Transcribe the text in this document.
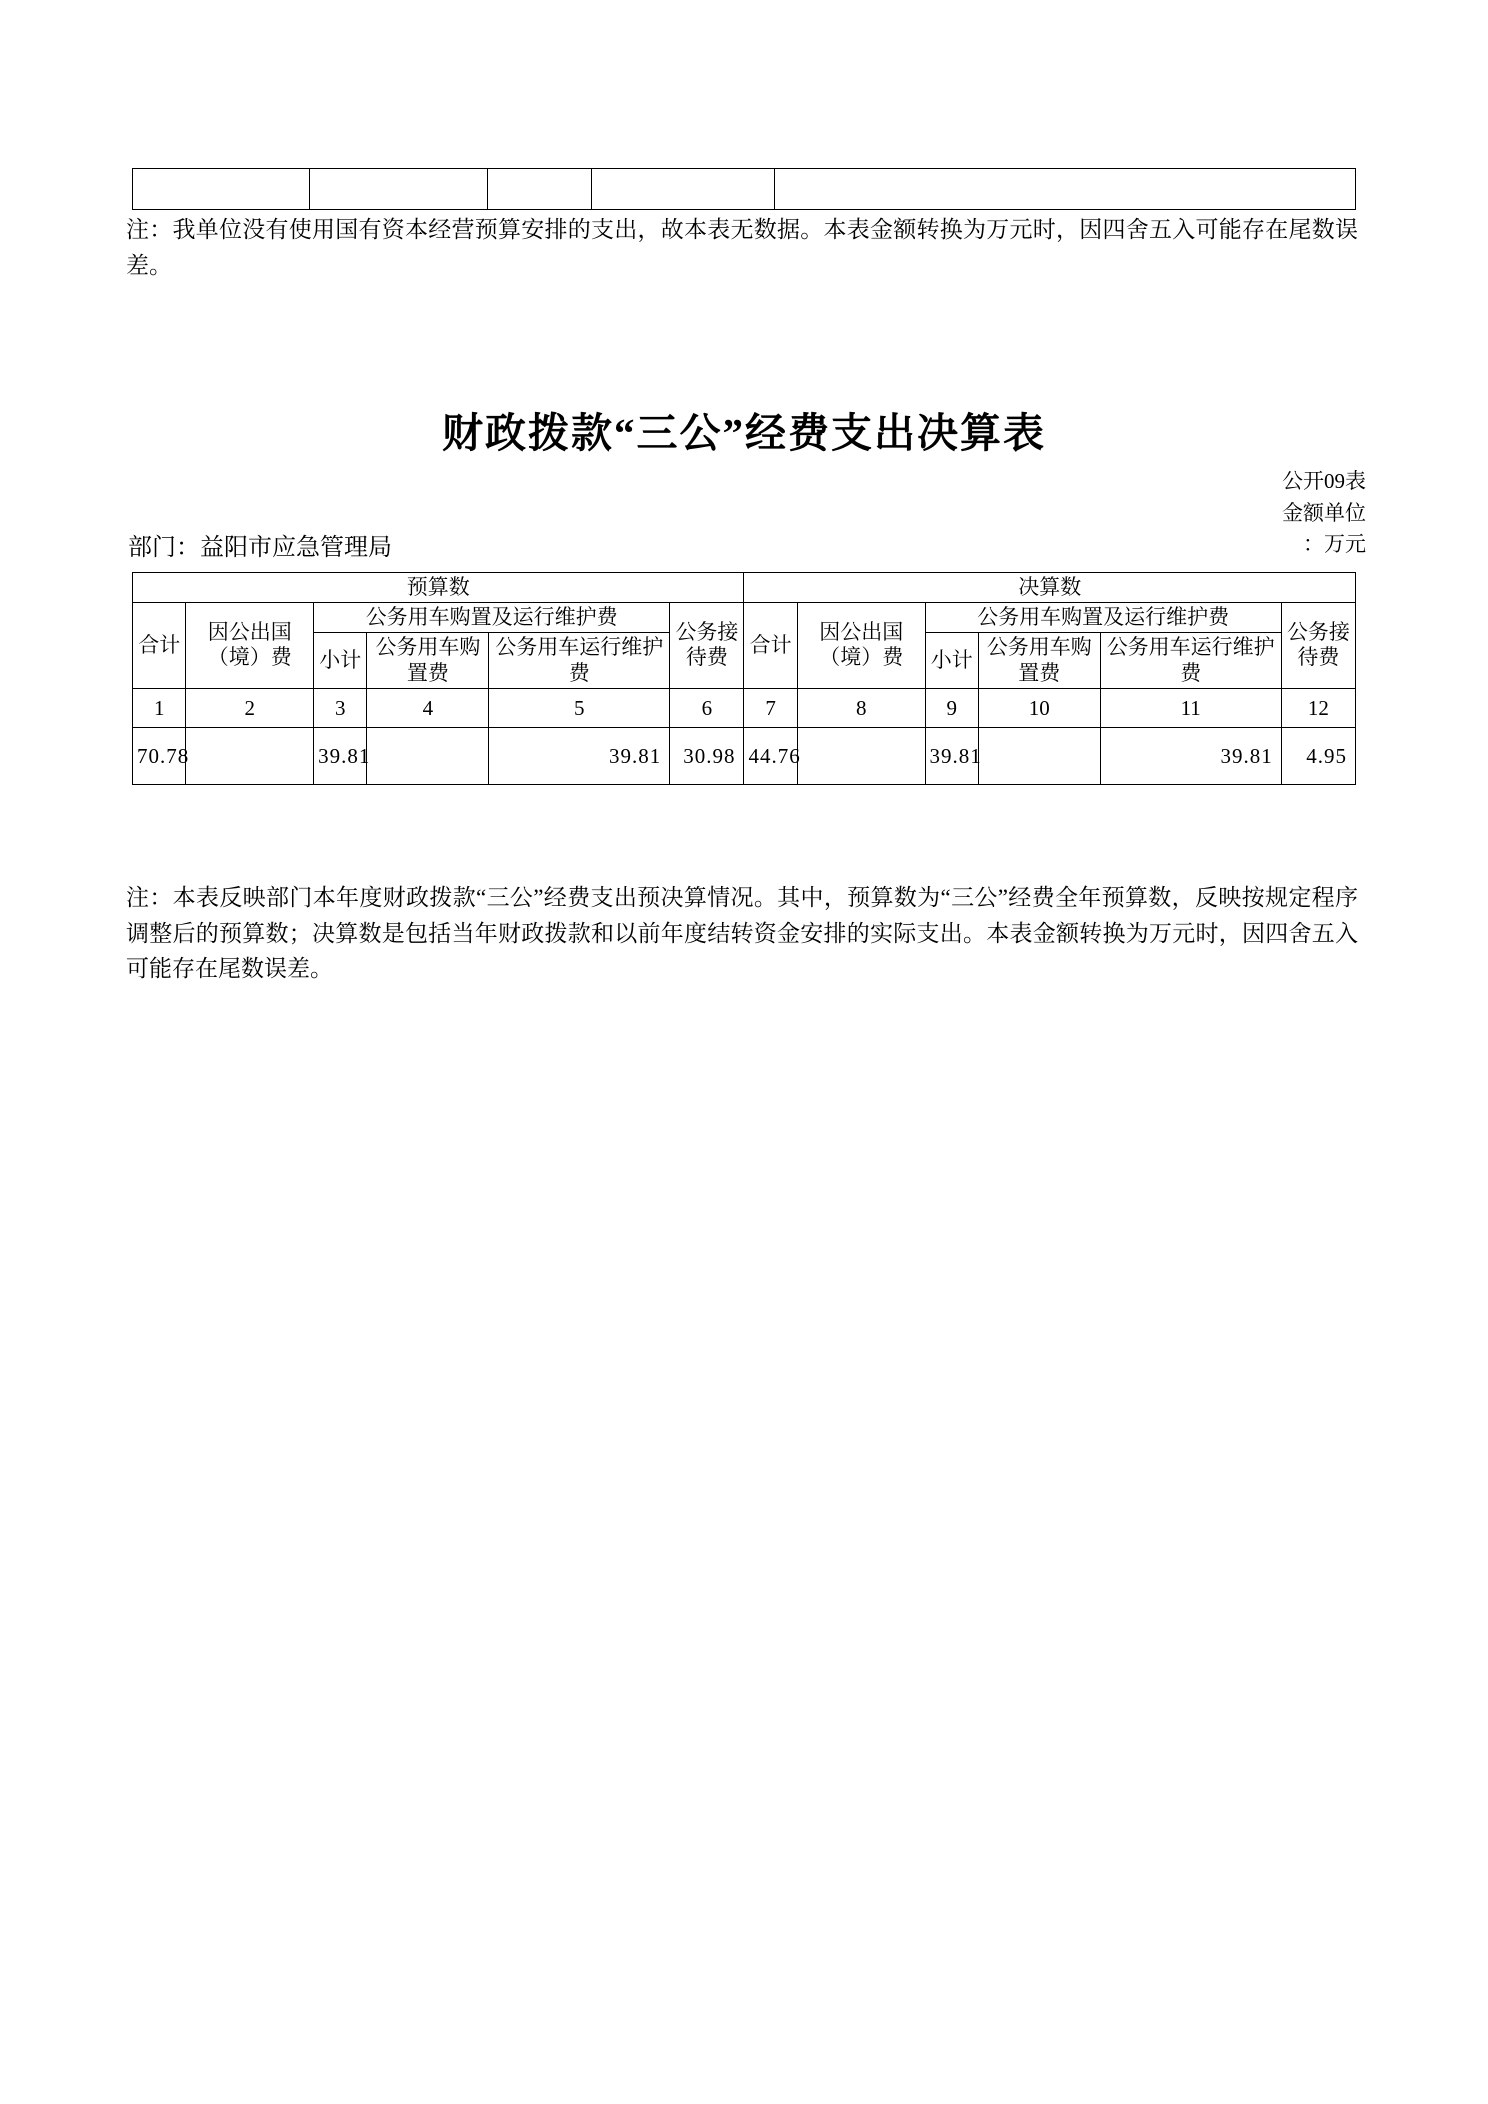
注：我单位没有使用国有资本经营预算安排的支出，故本表无数据。本表金额转换为万元时，因四舍五入可能存在尾数误差。
财政拨款“三公”经费支出决算表
公开09表
金额单位
：万元
部门：益阳市应急管理局
预算数						决算数					
合计	因公出国（境）费	公务用车购置及运行维护费			公务接待费	合计	因公出国（境）费	公务用车购置及运行维护费			公务接待费
		小计	公务用车购置费	公务用车运行维护费				小计	公务用车购置费	公务用车运行维护费	
1	2	3	4	5	6	7	8	9	10	11	12
70.78		39.81		39.81	30.98	44.76		39.81		39.81	4.95
注：本表反映部门本年度财政拨款“三公”经费支出预决算情况。其中，预算数为“三公”经费全年预算数，反映按规定程序调整后的预算数；决算数是包括当年财政拨款和以前年度结转资金安排的实际支出。本表金额转换为万元时，因四舍五入可能存在尾数误差。
